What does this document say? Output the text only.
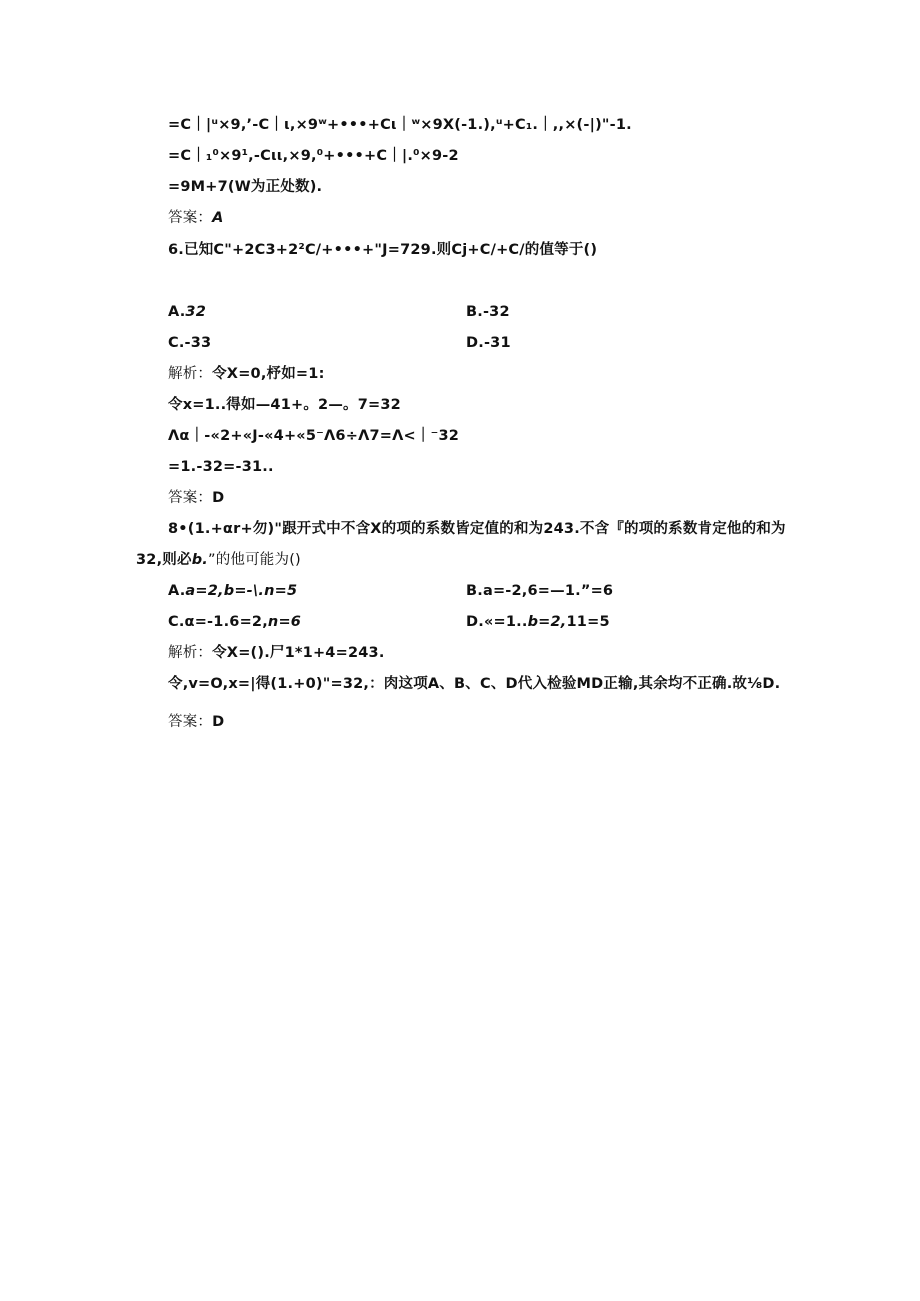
=C｜|ᵘ×9,ʼ-C｜ι,×9ʷ+•••+Cι｜ʷ×9X(-1.),ᵘ+C₁.｜,,×(-|)"-1.
=C｜₁⁰×9¹,-Cιι,×9,⁰+•••+C｜|.⁰×9-2
=9M+7(W为正处数).
答案：A
6.已知C"+2C3+2²C/+•••+"J=729.则Cj+C/+C/的值等于()
A.32	B.-32
C.-33	D.-31
解析：令X=0,杼如=1:
令x=1..得如—41+。2—。7=32
Λα｜-«2+«J-«4+«5⁻Λ6÷Λ7=Λ<｜⁻32
=1.-32=-31..
答案：D
8•(1.+αr+勿)"跟开式中不含X的项的系数皆定值的和为243.不含『的项的系数肯定他的和为
32,则必b.”的他可能为()
A.a=2,b=-\.n=5	B.a=-2,6=—1.”=6
C.α=-1.6=2,n=6	D.«=1..b=2,11=5
解析：令X=().尸1*1+4=243.
令,v=O,x=|得(1.+0)"=32,：肉这项A、B、C、D代入检验MD正输,其余均不正确.故⅛D.
答案：D
